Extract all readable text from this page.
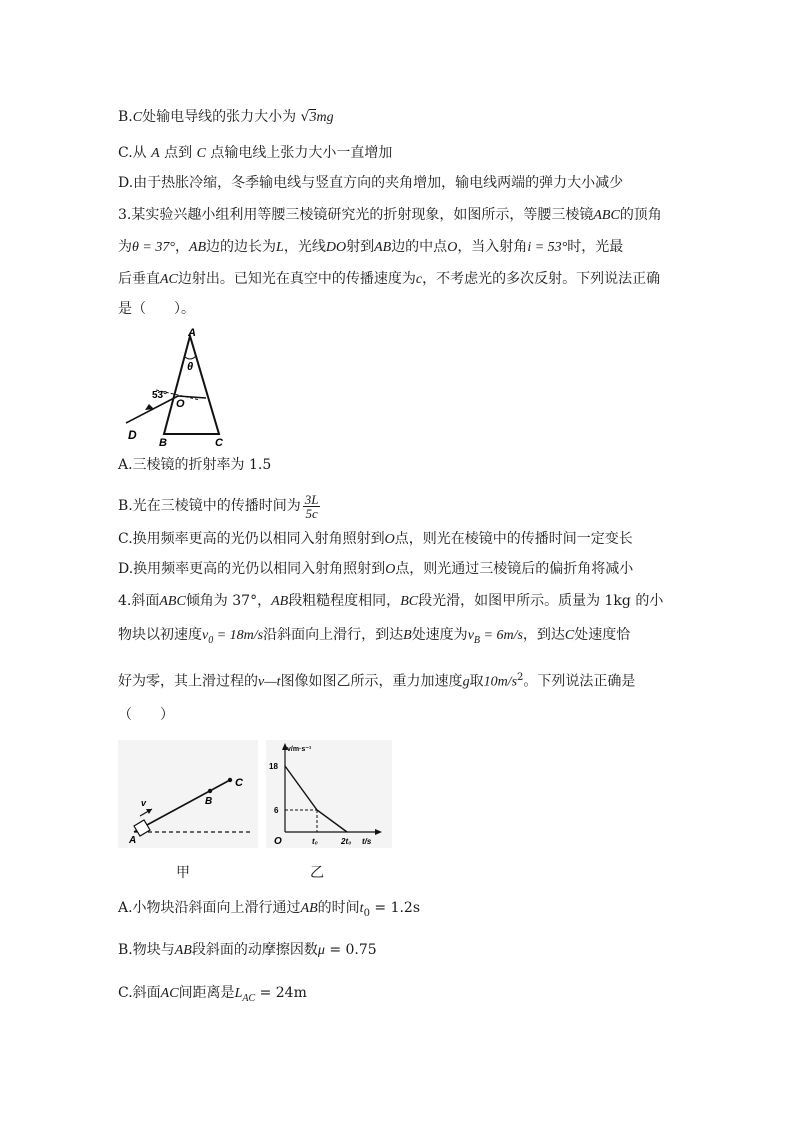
B.C处输电导线的张力大小为 √3mg
C.从 A 点到 C 点输电线上张力大小一直增加
D.由于热胀冷缩，冬季输电线与竖直方向的夹角增加，输电线两端的弹力大小减少
3.某实验兴趣小组利用等腰三棱镜研究光的折射现象，如图所示，等腰三棱镜ABC的顶角
为θ = 37°，AB边的边长为L，光线DO射到AB边的中点O，当入射角i = 53°时，光最
后垂直AC边射出。已知光在真空中的传播速度为c，不考虑光的多次反射。下列说法正确
是（　　）。
A
θ
53°
O
D
B	C
A.三棱镜的折射率为 1.5
B.光在三棱镜中的传播时间为 $\frac{3L}{5c}$
C.换用频率更高的光仍以相同入射角照射到O点，则光在棱镜中的传播时间一定变长
D.换用频率更高的光仍以相同入射角照射到O点，则光通过三棱镜后的偏折角将减小
4.斜面ABC倾角为 37°，AB段粗糙程度相同，BC段光滑，如图甲所示。质量为 1kg 的小
物块以初速度$v_0 = 18m/s$沿斜面向上滑行，到达B处速度为$v_B = 6m/s$，到达C处速度恰
好为零，其上滑过程的v—t图像如图乙所示，重力加速度g取$10m/s^2$。下列说法正确是
（　　）
v
A
B
C
v/m·s⁻¹
18
6
O	t₀	2t₀ t/s
甲	乙
A.小物块沿斜面向上滑行通过AB的时间$t_0 = 1.2s$
B.物块与AB段斜面的动摩擦因数μ = 0.75
C.斜面AC间距离是$L_{AC} = 24m$
